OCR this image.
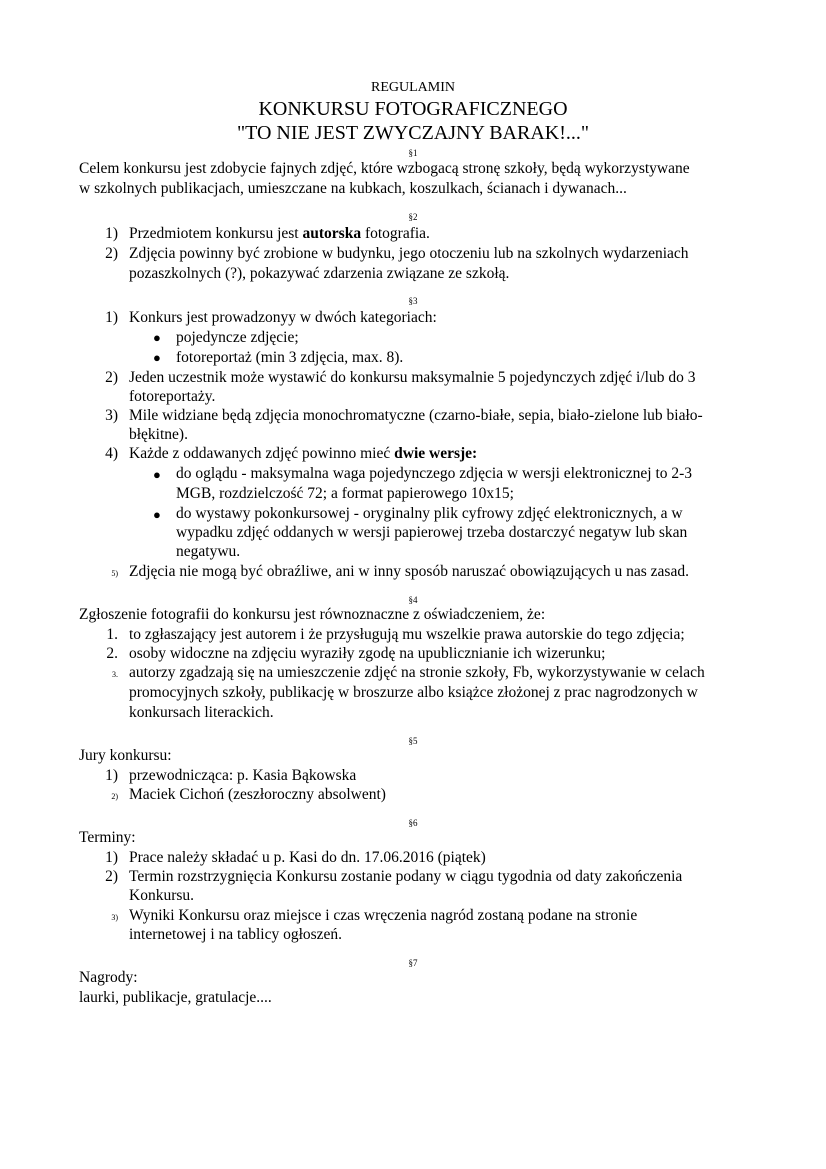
REGULAMIN
KONKURSU FOTOGRAFICZNEGO
"TO NIE JEST ZWYCZAJNY BARAK!..."
§1
Celem konkursu jest zdobycie fajnych zdjęć, które wzbogacą stronę szkoły, będą wykorzystywane
w szkolnych publikacjach, umieszczane na kubkach, koszulkach, ścianach i dywanach...
§2
1) Przedmiotem konkursu jest autorska fotografia.
2) Zdjęcia powinny być zrobione w budynku, jego otoczeniu lub na szkolnych wydarzeniach
pozaszkolnych (?), pokazywać zdarzenia związane ze szkołą.
§3
1) Konkurs jest prowadzonyy w dwóch kategoriach:
● pojedyncze zdjęcie;
● fotoreportaż (min 3 zdjęcia, max. 8).
2) Jeden uczestnik może wystawić do konkursu maksymalnie 5 pojedynczych zdjęć i/lub do 3
fotoreportaży.
3) Mile widziane będą zdjęcia monochromatyczne (czarno-białe, sepia, biało-zielone lub biało-
błękitne).
4) Każde z oddawanych zdjęć powinno mieć dwie wersje:
● do oglądu - maksymalna waga pojedynczego zdjęcia w wersji elektronicznej to 2-3
MGB, rozdzielczość 72; a format papierowego 10x15;
● do wystawy pokonkursowej - oryginalny plik cyfrowy zdjęć elektronicznych, a w
wypadku zdjęć oddanych w wersji papierowej trzeba dostarczyć negatyw lub skan
negatywu.
5) Zdjęcia nie mogą być obraźliwe, ani w inny sposób naruszać obowiązujących u nas zasad.
§4
Zgłoszenie fotografii do konkursu jest równoznaczne z oświadczeniem, że:
1. to zgłaszający jest autorem i że przysługują mu wszelkie prawa autorskie do tego zdjęcia;
2. osoby widoczne na zdjęciu wyraziły zgodę na upublicznianie ich wizerunku;
3. autorzy zgadzają się na umieszczenie zdjęć na stronie szkoły, Fb, wykorzystywanie w celach
promocyjnych szkoły, publikację w broszurze albo książce złożonej z prac nagrodzonych w
konkursach literackich.
§5
Jury konkursu:
1) przewodnicząca: p. Kasia Bąkowska
2) Maciek Cichoń (zeszłoroczny absolwent)
§6
Terminy:
1) Prace należy składać u p. Kasi do dn. 17.06.2016 (piątek)
2) Termin rozstrzygnięcia Konkursu zostanie podany w ciągu tygodnia od daty zakończenia
Konkursu.
3) Wyniki Konkursu oraz miejsce i czas wręczenia nagród zostaną podane na stronie
internetowej i na tablicy ogłoszeń.
§7
Nagrody:
laurki, publikacje, gratulacje....
